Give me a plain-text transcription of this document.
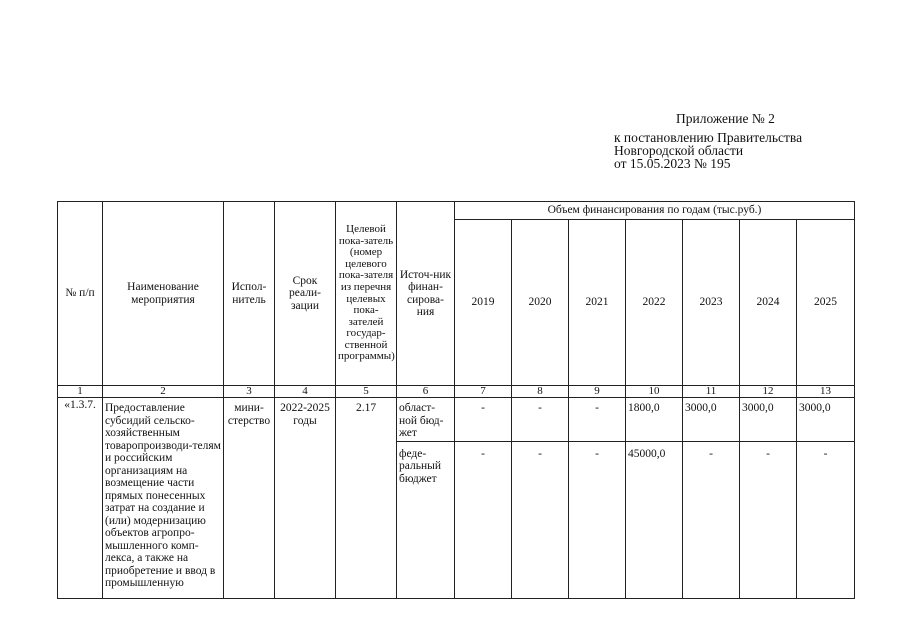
Приложение № 2
к постановлению Правительства
Новгородской области
от 15.05.2023 № 195
№ п/п	Наименование мероприятия	Испол-нитель	Срок реали-зации	Целевой пока-затель (номер целевого пока-зателя из перечня целевых пока-зателей государ-ственной программы)	Источ-ник финан-сирова-ния	Объем финансирования по годам (тыс.руб.)						
						2019	2020	2021	2022	2023	2024	2025
1	2	3	4	5	6	7	8	9	10	11	12	13
«1.3.7.	Предоставление субсидий сельско-хозяйственным товаропроизводи-телям и российским организациям на возмещение части прямых понесенных затрат на создание и (или) модернизацию объектов агропро-мышленного комп-лекса, а также на приобретение и ввод в промышленную	мини-стерство	2022-2025 годы	2.17	област-ной бюд-жет	-	-	-	1800,0	3000,0	3000,0	3000,0
					феде-ральный бюджет	-	-	-	45000,0	-	-	-
